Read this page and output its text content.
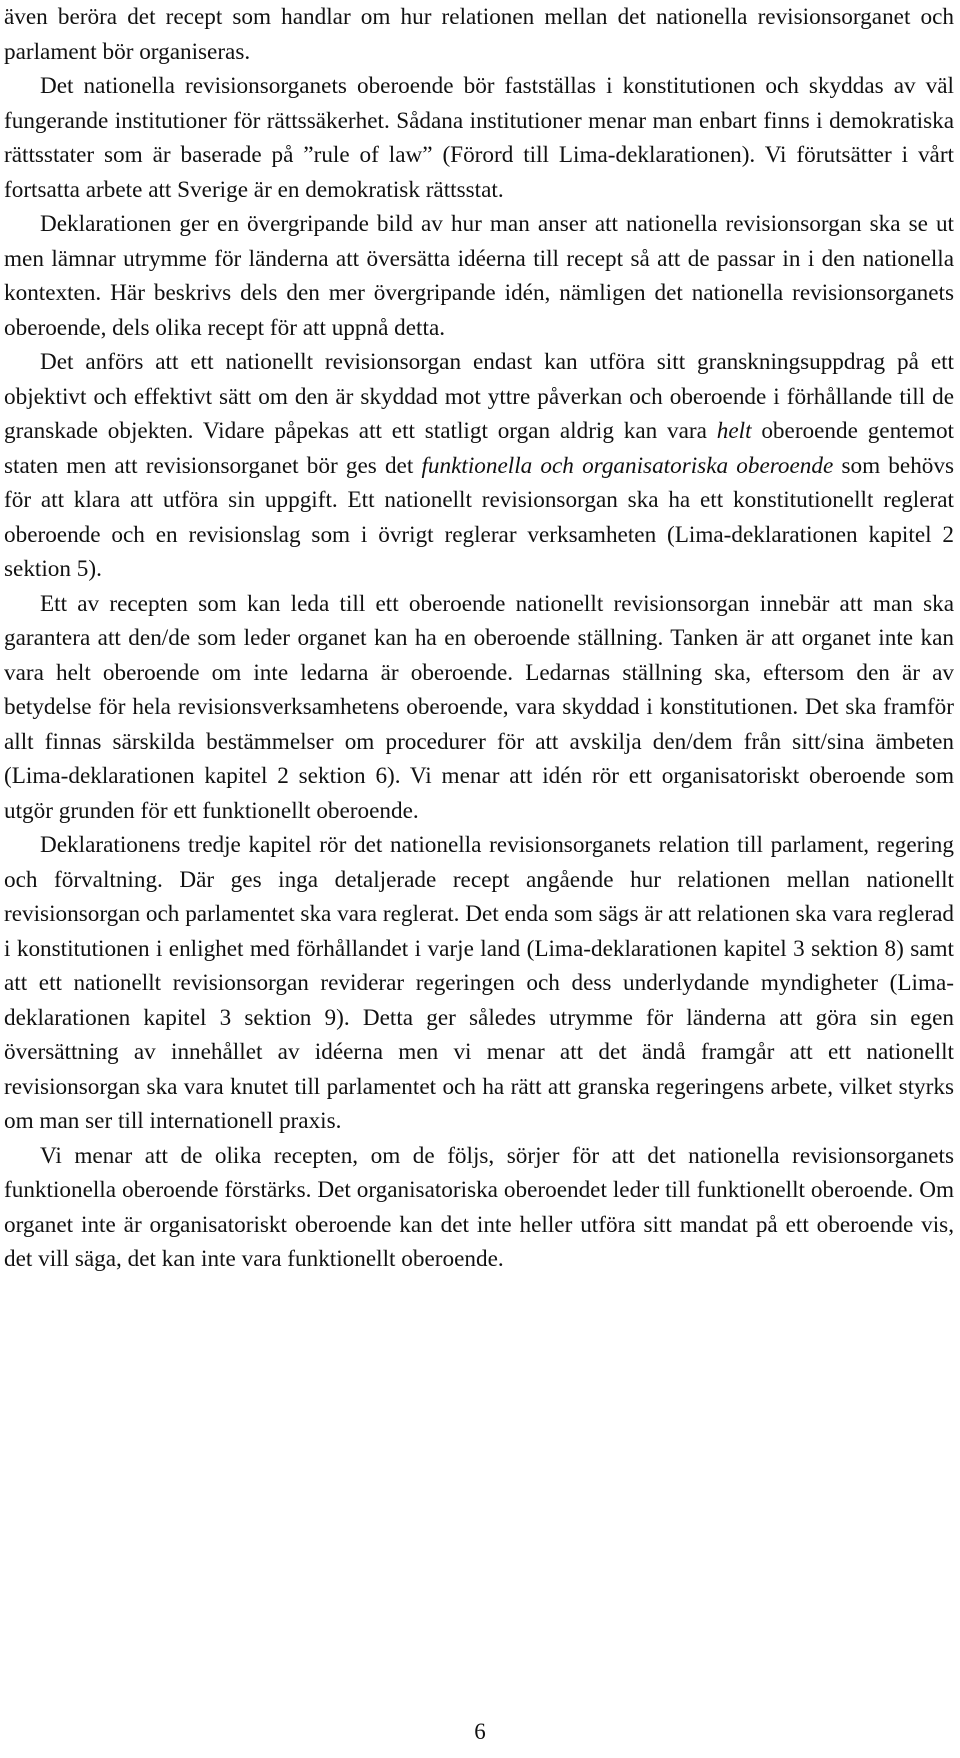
även beröra det recept som handlar om hur relationen mellan det nationella revisionsorganet och parlament bör organiseras.

Det nationella revisionsorganets oberoende bör fastställas i konstitutionen och skyddas av väl fungerande institutioner för rättssäkerhet. Sådana institutioner menar man enbart finns i demokratiska rättsstater som är baserade på ”rule of law” (Förord till Lima-deklarationen). Vi förutsätter i vårt fortsatta arbete att Sverige är en demokratisk rättsstat.

Deklarationen ger en övergripande bild av hur man anser att nationella revisionsorgan ska se ut men lämnar utrymme för länderna att översätta idéerna till recept så att de passar in i den nationella kontexten. Här beskrivs dels den mer övergripande idén, nämligen det nationella revisionsorganets oberoende, dels olika recept för att uppnå detta.

Det anförs att ett nationellt revisionsorgan endast kan utföra sitt granskningsuppdrag på ett objektivt och effektivt sätt om den är skyddad mot yttre påverkan och oberoende i förhållande till de granskade objekten. Vidare påpekas att ett statligt organ aldrig kan vara helt oberoende gentemot staten men att revisionsorganet bör ges det funktionella och organisatoriska oberoende som behövs för att klara att utföra sin uppgift. Ett nationellt revisionsorgan ska ha ett konstitutionellt reglerat oberoende och en revisionslag som i övrigt reglerar verksamheten (Lima-deklarationen kapitel 2 sektion 5).

Ett av recepten som kan leda till ett oberoende nationellt revisionsorgan innebär att man ska garantera att den/de som leder organet kan ha en oberoende ställning. Tanken är att organet inte kan vara helt oberoende om inte ledarna är oberoende. Ledarnas ställning ska, eftersom den är av betydelse för hela revisionsverksamhetens oberoende, vara skyddad i konstitutionen. Det ska framför allt finnas särskilda bestämmelser om procedurer för att avskilja den/dem från sitt/sina ämbeten (Lima-deklarationen kapitel 2 sektion 6). Vi menar att idén rör ett organisatoriskt oberoende som utgör grunden för ett funktionellt oberoende.

Deklarationens tredje kapitel rör det nationella revisionsorganets relation till parlament, regering och förvaltning. Där ges inga detaljerade recept angående hur relationen mellan nationellt revisionsorgan och parlamentet ska vara reglerat. Det enda som sägs är att relationen ska vara reglerad i konstitutionen i enlighet med förhållandet i varje land (Lima-deklarationen kapitel 3 sektion 8) samt att ett nationellt revisionsorgan reviderar regeringen och dess underlydande myndigheter (Lima-deklarationen kapitel 3 sektion 9). Detta ger således utrymme för länderna att göra sin egen översättning av innehållet av idéerna men vi menar att det ändå framgår att ett nationellt revisionsorgan ska vara knutet till parlamentet och ha rätt att granska regeringens arbete, vilket styrks om man ser till internationell praxis.

Vi menar att de olika recepten, om de följs, sörjer för att det nationella revisionsorganets funktionella oberoende förstärks. Det organisatoriska oberoendet leder till funktionellt oberoende. Om organet inte är organisatoriskt oberoende kan det inte heller utföra sitt mandat på ett oberoende vis, det vill säga, det kan inte vara funktionellt oberoende.

6
